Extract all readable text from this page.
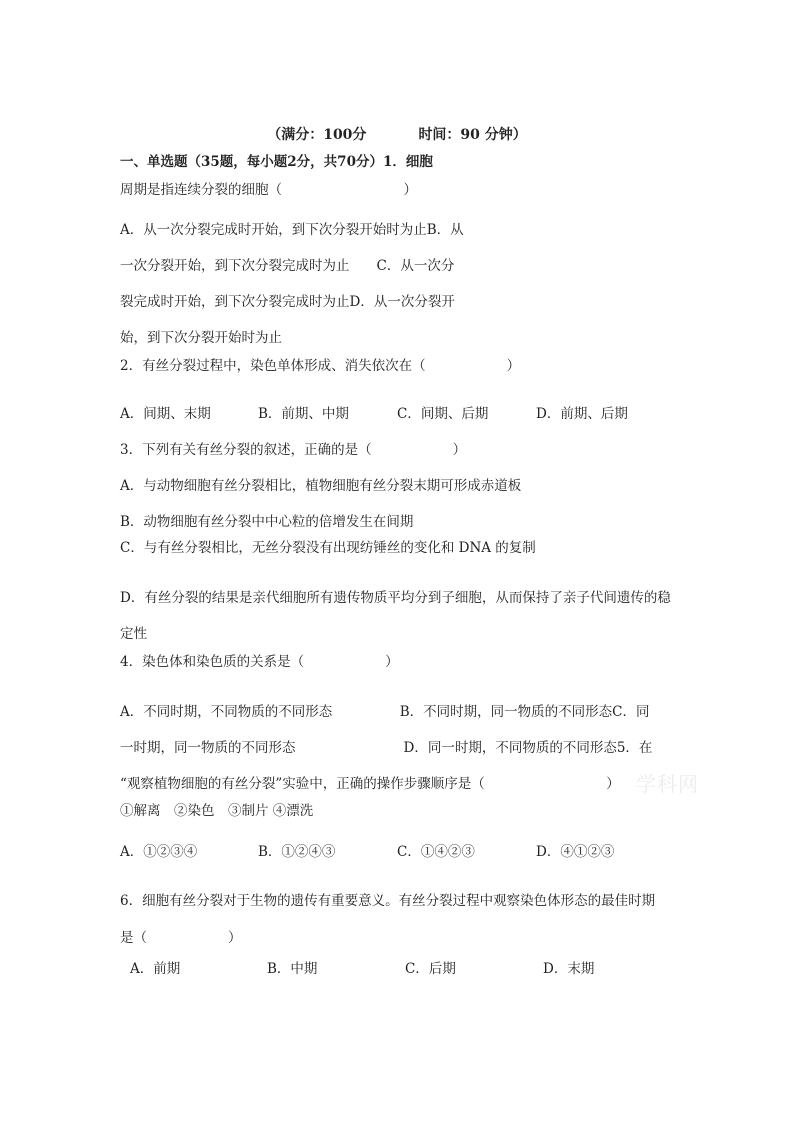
（满分：100分	时间：90 分钟）
一、单选题（35题，每小题2分，共70分）1．细胞
周期是指连续分裂的细胞（　　　　　　　　　）
A．从一次分裂完成时开始，到下次分裂开始时为止B．从
一次分裂开始，到下次分裂完成时为止　　C．从一次分
裂完成时开始，到下次分裂完成时为止D．从一次分裂开
始，到下次分裂开始时为止
2．有丝分裂过程中，染色单体形成、消失依次在（　　　　　　）
A．间期、末期	B．前期、中期	C．间期、后期	D．前期、后期
3．下列有关有丝分裂的叙述，正确的是（　　　　　　）
A．与动物细胞有丝分裂相比，植物细胞有丝分裂末期可形成赤道板
B．动物细胞有丝分裂中中心粒的倍增发生在间期
C．与有丝分裂相比，无丝分裂没有出现纺锤丝的变化和 DNA 的复制
D．有丝分裂的结果是亲代细胞所有遗传物质平均分到子细胞，从而保持了亲子代间遗传的稳
定性
4．染色体和染色质的关系是（　　　　　　）
A．不同时期，不同物质的不同形态　　　　　B．不同时期，同一物质的不同形态C．同
一时期，同一物质的不同形态　　　　　　　　D．同一时期，不同物质的不同形态5．在
“观察植物细胞的有丝分裂”实验中，正确的操作步骤顺序是（　　　　　　　　　）
①解离　②染色　③制片 ④漂洗
A．①②③④	B．①②④③	C．①④②③	D．④①②③
6．细胞有丝分裂对于生物的遗传有重要意义。有丝分裂过程中观察染色体形态的最佳时期
是（　　　　　　）
A．前期	B．中期	C．后期	D．末期
学科网
